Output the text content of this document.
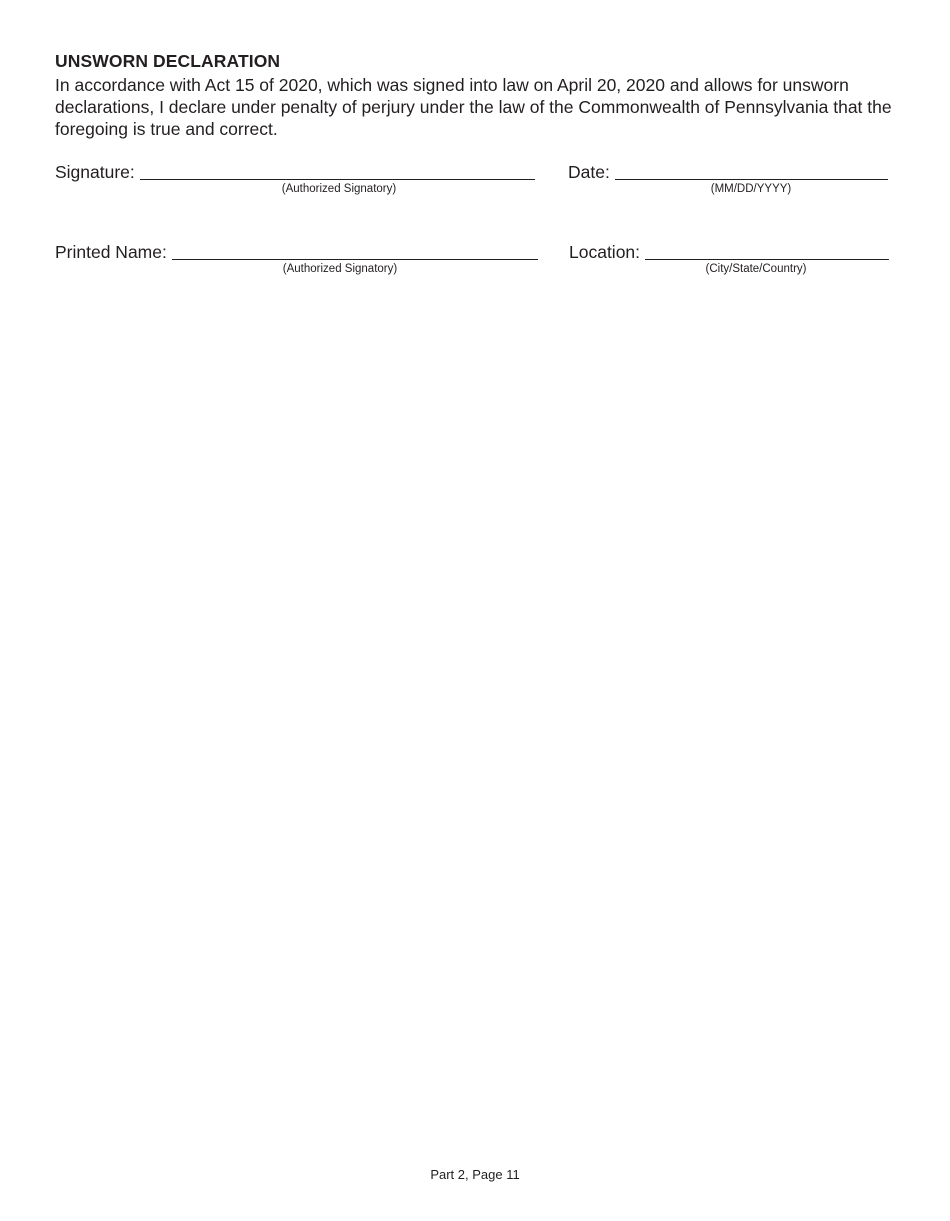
UNSWORN DECLARATION

In accordance with Act 15 of 2020, which was signed into law on April 20, 2020 and allows for unsworn declarations, I declare under penalty of perjury under the law of the Commonwealth of Pennsylvania that the foregoing is true and correct.

Signature:
(Authorized Signatory)
Date:
(MM/DD/YYYY)
Printed Name:
(Authorized Signatory)
Location:
(City/State/Country)
Part 2, Page 11
